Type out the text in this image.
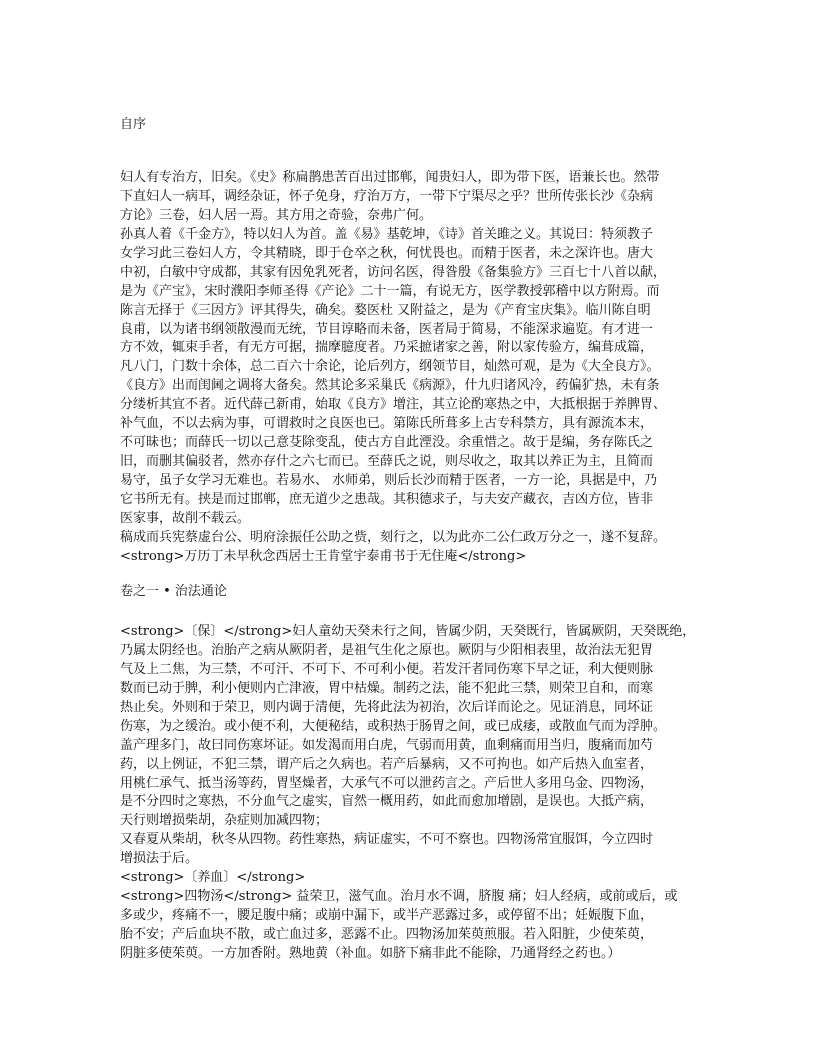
自序
妇人有专治方，旧矣。《史》称扁鹊患苦百出过邯郸，闻贵妇人，即为带下医，语兼长也。然带
下直妇人一病耳，调经杂证，怀子免身，疗治万方，一带下宁渠尽之乎？世所传张长沙《杂病
方论》三卷，妇人居一焉。其方用之奇验，奈弗广何。
孙真人着《千金方》，特以妇人为首。盖《易》基乾坤，《诗》首关雎之义。其说曰：特须教子
女学习此三卷妇人方，令其精晓，即于仓卒之秋，何忧畏也。而精于医者，未之深许也。唐大
中初，白敏中守成都，其家有因免乳死者，访问名医，得昝殷《备集验方》三百七十八首以献，
是为《产宝》，宋时濮阳李师圣得《产论》二十一篇，有说无方，医学教授郭稽中以方附焉。而
陈言无择于《三因方》评其得失，确矣。婺医杜 又附益之，是为《产育宝庆集》。临川陈自明
良甫，以为诸书纲领散漫而无统，节目谆略而未备，医者局于简易，不能深求遍览。有才进一
方不效，辄束手者，有无方可据，揣摩臆度者。乃采摭诸家之善，附以家传验方，编葺成篇，
凡八门，门数十余体，总二百六十余论，论后列方，纲领节目，灿然可观，是为《大全良方》。
《良方》出而闺阃之调将大备矣。然其论多采巢氏《病源》，什九归诸风冷，药偏犷热，未有条
分缕析其宜不者。近代薛己新甫，始取《良方》增注，其立论酌寒热之中，大抵根据于养脾胃、
补气血，不以去病为事，可谓救时之良医也已。第陈氏所葺多上古专科禁方，具有源流本末，
不可昧也；而薛氏一切以己意芟除变乱，使古方自此湮没。余重惜之。故于是编，务存陈氏之
旧，而删其偏驳者，然亦存什之六七而已。至薛氏之说，则尽收之，取其以养正为主，且简而
易守，虽子女学习无难也。若易水、 水师弟，则后长沙而精于医者，一方一论，具据是中，乃
它书所无有。挟是而过邯郸，庶无道少之患哉。其积德求子，与夫安产藏衣，吉凶方位，皆非
医家事，故削不载云。
稿成而兵宪蔡虚台公、明府涂振任公助之赀，刻行之，以为此亦二公仁政万分之一，遂不复辞。
<strong>万历丁未早秋念西居士王肯堂宇泰甫书于无住庵</strong>
卷之一 • 治法通论
<strong>〔保〕</strong>妇人童幼天癸未行之间，皆属少阴，天癸既行，皆属厥阴，天癸既绝，
乃属太阴经也。治胎产之病从厥阴者，是祖气生化之原也。厥阴与少阳相表里，故治法无犯胃
气及上二焦，为三禁，不可汗、不可下、不可利小便。若发汗者同伤寒下早之证，利大便则脉
数而已动于脾，利小便则内亡津液，胃中枯燥。制药之法，能不犯此三禁，则荣卫自和，而寒
热止矣。外则和于荣卫，则内调于清便，先将此法为初治，次后详而论之。见证消息，同坏证
伤寒，为之缓治。或小便不利，大便秘结，或积热于肠胃之间，或已成痿，或散血气而为浮肿。
盖产理多门，故曰同伤寒坏证。如发渴而用白虎，气弱而用黄，血剩痛而用当归，腹痛而加芍
药，以上例证，不犯三禁，谓产后之久病也。若产后暴病，又不可拘也。如产后热入血室者，
用桃仁承气、抵当汤等药，胃坚燥者，大承气不可以泄药言之。产后世人多用乌金、四物汤，
是不分四时之寒热，不分血气之虚实，盲然一概用药，如此而愈加增剧，是误也。大抵产病，
天行则增损柴胡，杂症则加减四物；
又春夏从柴胡，秋冬从四物。药性寒热，病证虚实，不可不察也。四物汤常宜服饵，今立四时
增损法于后。
<strong>〔养血〕</strong>
<strong>四物汤</strong> 益荣卫，滋气血。治月水不调，脐腹 痛；妇人经病，或前或后，或
多或少，疼痛不一，腰足腹中痛；或崩中漏下，或半产恶露过多，或停留不出；妊娠腹下血，
胎不安；产后血块不散，或亡血过多，恶露不止。四物汤加茱萸煎服。若入阳脏，少使茱萸，
阴脏多使茱萸。一方加香附。熟地黄（补血。如脐下痛非此不能除，乃通肾经之药也。）
